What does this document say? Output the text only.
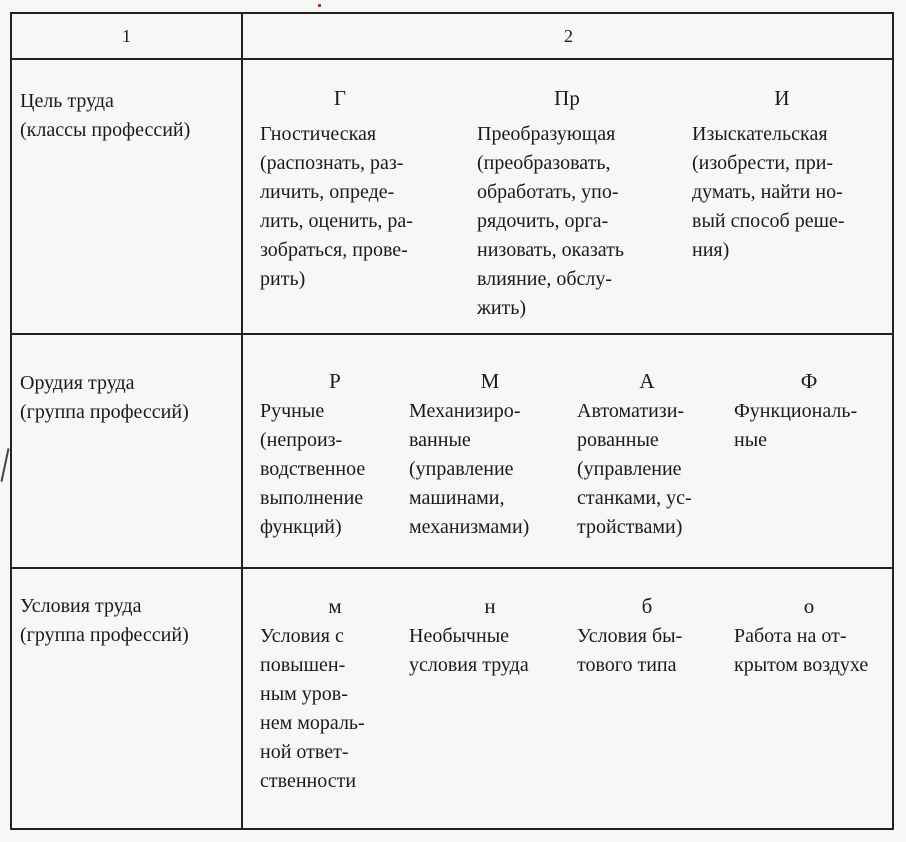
1	2
Цель труда
(классы профессий)
Г
Гностическая
(распознать, раз-
личить, опреде-
лить, оценить, ра-
зобраться, прове-
рить)
Пр
Преобразующая
(преобразовать,
обработать, упо-
рядочить, орга-
низовать, оказать
влияние, обслу-
жить)
И
Изыскательская
(изобрести, при-
думать, найти но-
вый способ реше-
ния)
Орудия труда
(группа профессий)
Р
Ручные
(непроиз-
водственное
выполнение
функций)
М
Механизиро-
ванные
(управление
машинами,
механизмами)
А
Автоматизи-
рованные
(управление
станками, ус-
тройствами)
Ф
Функциональ-
ные
Условия труда
(группа профессий)
м
Условия с
повышен-
ным уров-
нем мораль-
ной ответ-
ственности
н
Необычные
условия труда
б
Условия бы-
тового типа
о
Работа на от-
крытом воздухе
